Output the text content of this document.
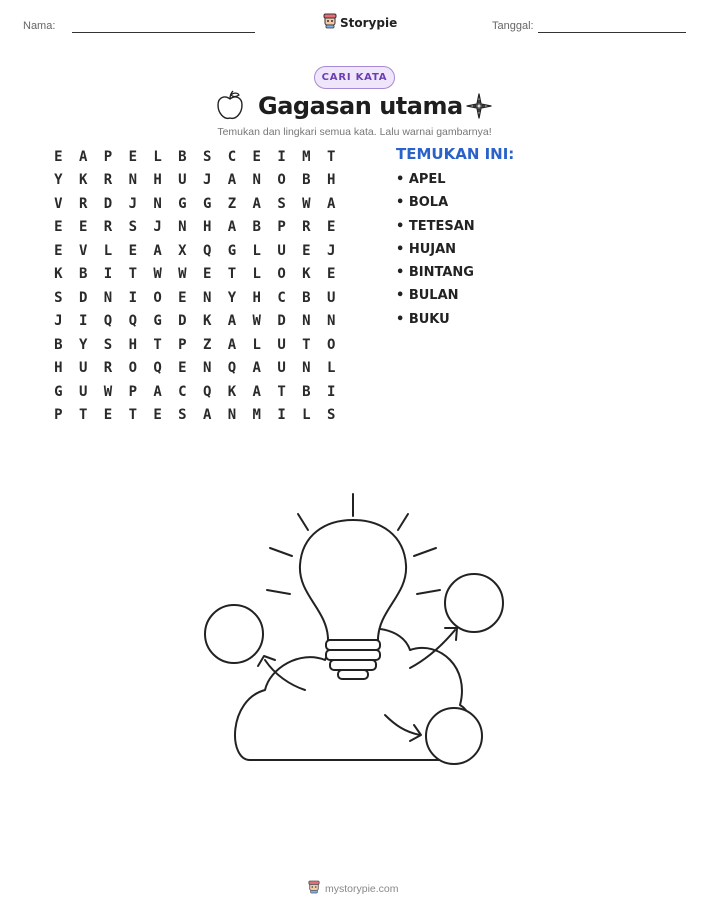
Nama:	Storypie	Tanggal:
CARI KATA
Gagasan utama
Temukan dan lingkari semua kata. Lalu warnai gambarnya!
E	A	P	E	L	B	S	C	E	I	M	T
Y	K	R	N	H	U	J	A	N	O	B	H
V	R	D	J	N	G	G	Z	A	S	W	A
E	E	R	S	J	N	H	A	B	P	R	E
E	V	L	E	A	X	Q	G	L	U	E	J
K	B	I	T	W	W	E	T	L	O	K	E
S	D	N	I	O	E	N	Y	H	C	B	U
J	I	Q	Q	G	D	K	A	W	D	N	N
B	Y	S	H	T	P	Z	A	L	U	T	O
H	U	R	O	Q	E	N	Q	A	U	N	L
G	U	W	P	A	C	Q	K	A	T	B	I
P	T	E	T	E	S	A	N	M	I	L	S
TEMUKAN INI:
• APEL
• BOLA
• TETESAN
• HUJAN
• BINTANG
• BULAN
• BUKU
mystorypie.com
